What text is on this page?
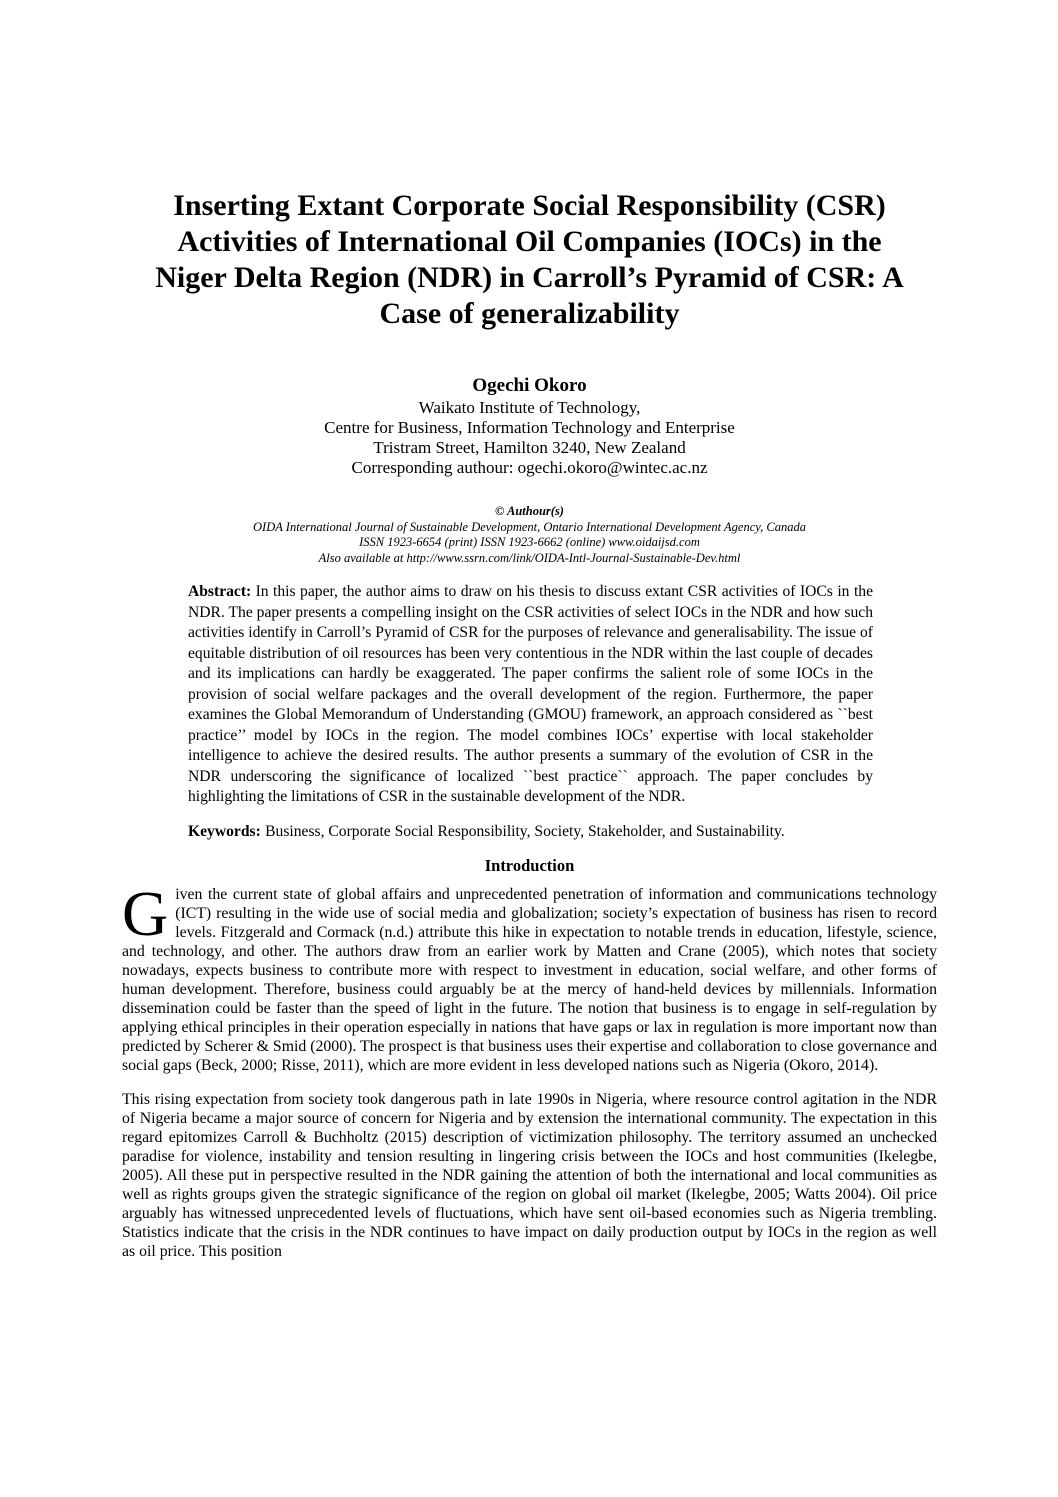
Inserting Extant Corporate Social Responsibility (CSR)
Activities of International Oil Companies (IOCs) in the
Niger Delta Region (NDR) in Carroll’s Pyramid of CSR: A
Case of generalizability
Ogechi Okoro
Waikato Institute of Technology,
Centre for Business, Information Technology and Enterprise
Tristram Street, Hamilton 3240, New Zealand
Corresponding authour: ogechi.okoro@wintec.ac.nz
© Authour(s)
OIDA International Journal of Sustainable Development, Ontario International Development Agency, Canada
ISSN 1923-6654 (print) ISSN 1923-6662 (online) www.oidaijsd.com
Also available at http://www.ssrn.com/link/OIDA-Intl-Journal-Sustainable-Dev.html

Abstract: In this paper, the author aims to draw on his thesis to discuss extant CSR activities of IOCs in the NDR. The paper presents a compelling insight on the CSR activities of select IOCs in the NDR and how such activities identify in Carroll’s Pyramid of CSR for the purposes of relevance and generalisability. The issue of equitable distribution of oil resources has been very contentious in the NDR within the last couple of decades and its implications can hardly be exaggerated. The paper confirms the salient role of some IOCs in the provision of social welfare packages and the overall development of the region. Furthermore, the paper examines the Global Memorandum of Understanding (GMOU) framework, an approach considered as ``best practice’’ model by IOCs in the region. The model combines IOCs’ expertise with local stakeholder intelligence to achieve the desired results. The author presents a summary of the evolution of CSR in the NDR underscoring the significance of localized ``best practice`` approach. The paper concludes by highlighting the limitations of CSR in the sustainable development of the NDR.

Keywords: Business, Corporate Social Responsibility, Society, Stakeholder, and Sustainability.

Introduction

Given the current state of global affairs and unprecedented penetration of information and communications technology (ICT) resulting in the wide use of social media and globalization; society’s expectation of business has risen to record levels. Fitzgerald and Cormack (n.d.) attribute this hike in expectation to notable trends in education, lifestyle, science, and technology, and other. The authors draw from an earlier work by Matten and Crane (2005), which notes that society nowadays, expects business to contribute more with respect to investment in education, social welfare, and other forms of human development. Therefore, business could arguably be at the mercy of hand-held devices by millennials. Information dissemination could be faster than the speed of light in the future. The notion that business is to engage in self-regulation by applying ethical principles in their operation especially in nations that have gaps or lax in regulation is more important now than predicted by Scherer & Smid (2000). The prospect is that business uses their expertise and collaboration to close governance and social gaps (Beck, 2000; Risse, 2011), which are more evident in less developed nations such as Nigeria (Okoro, 2014).

This rising expectation from society took dangerous path in late 1990s in Nigeria, where resource control agitation in the NDR of Nigeria became a major source of concern for Nigeria and by extension the international community. The expectation in this regard epitomizes Carroll & Buchholtz (2015) description of victimization philosophy. The territory assumed an unchecked paradise for violence, instability and tension resulting in lingering crisis between the IOCs and host communities (Ikelegbe, 2005). All these put in perspective resulted in the NDR gaining the attention of both the international and local communities as well as rights groups given the strategic significance of the region on global oil market (Ikelegbe, 2005; Watts 2004). Oil price arguably has witnessed unprecedented levels of fluctuations, which have sent oil-based economies such as Nigeria trembling. Statistics indicate that the crisis in the NDR continues to have impact on daily production output by IOCs in the region as well as oil price. This position
